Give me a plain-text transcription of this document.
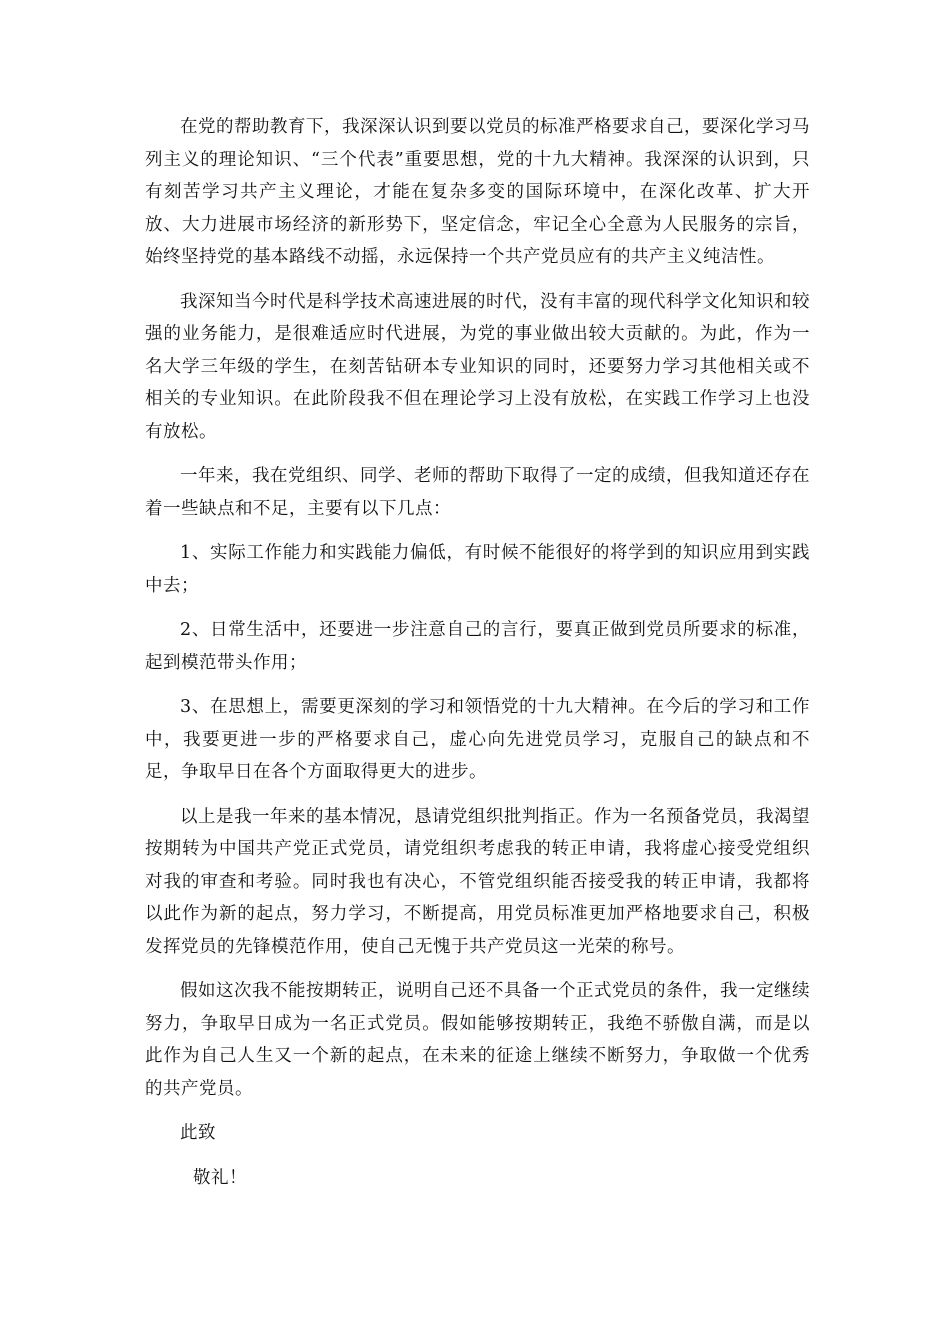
在党的帮助教育下，我深深认识到要以党员的标准严格要求自己，要深化学习马列主义的理论知识、“三个代表”重要思想，党的十九大精神。我深深的认识到，只有刻苦学习共产主义理论，才能在复杂多变的国际环境中，在深化改革、扩大开放、大力进展市场经济的新形势下，坚定信念，牢记全心全意为人民服务的宗旨，始终坚持党的基本路线不动摇，永远保持一个共产党员应有的共产主义纯洁性。

我深知当今时代是科学技术高速进展的时代，没有丰富的现代科学文化知识和较强的业务能力，是很难适应时代进展，为党的事业做出较大贡献的。为此，作为一名大学三年级的学生，在刻苦钻研本专业知识的同时，还要努力学习其他相关或不相关的专业知识。在此阶段我不但在理论学习上没有放松，在实践工作学习上也没有放松。

一年来，我在党组织、同学、老师的帮助下取得了一定的成绩，但我知道还存在着一些缺点和不足，主要有以下几点：

1、实际工作能力和实践能力偏低，有时候不能很好的将学到的知识应用到实践中去；

2、日常生活中，还要进一步注意自己的言行，要真正做到党员所要求的标准，起到模范带头作用；

3、在思想上，需要更深刻的学习和领悟党的十九大精神。在今后的学习和工作中，我要更进一步的严格要求自己，虚心向先进党员学习，克服自己的缺点和不足，争取早日在各个方面取得更大的进步。

以上是我一年来的基本情况，恳请党组织批判指正。作为一名预备党员，我渴望按期转为中国共产党正式党员，请党组织考虑我的转正申请，我将虚心接受党组织对我的审查和考验。同时我也有决心，不管党组织能否接受我的转正申请，我都将以此作为新的起点，努力学习，不断提高，用党员标准更加严格地要求自己，积极发挥党员的先锋模范作用，使自己无愧于共产党员这一光荣的称号。

假如这次我不能按期转正，说明自己还不具备一个正式党员的条件，我一定继续努力，争取早日成为一名正式党员。假如能够按期转正，我绝不骄傲自满，而是以此作为自己人生又一个新的起点，在未来的征途上继续不断努力，争取做一个优秀的共产党员。

此致

敬礼！
